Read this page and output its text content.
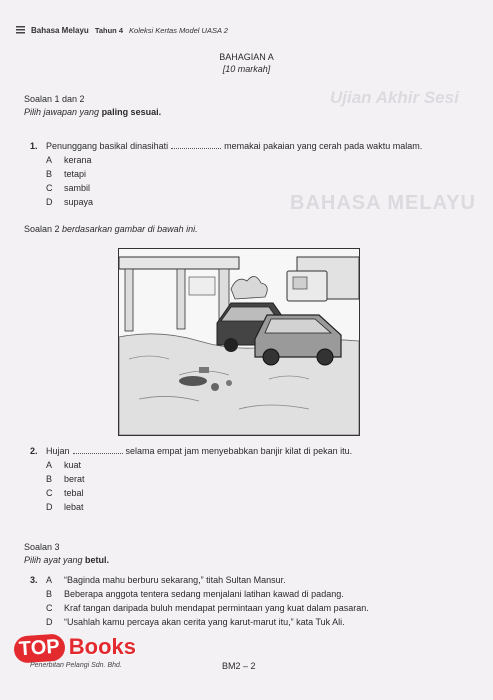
Bahasa Melayu Tahun 4 Koleksi Kertas Model UASA 2
Ujian Akhir Sesi
BAHASA MELAYU
BAHAGIAN A
[10 markah]
Soalan 1 dan 2
Pilih jawapan yang paling sesuai.
1. Penunggang basikal dinasihati	memakai pakaian yang cerah pada waktu malam.
A kerana
B tetapi
C sambil
D supaya
Soalan 2 berdasarkan gambar di bawah ini.
2. Hujan	selama empat jam menyebabkan banjir kilat di pekan itu.
A kuat
B berat
C tebal
D lebat
Soalan 3
Pilih ayat yang betul.
3. A “Baginda mahu berburu sekarang,” titah Sultan Mansur.
B Beberapa anggota tentera sedang menjalani latihan kawad di padang.
C Kraf tangan daripada buluh mendapat permintaan yang kuat dalam pasaran.
D “Usahlah kamu percaya akan cerita yang karut-marut itu,” kata Tuk Ali.
TOP Books
Penerbitan Pelangi Sdn. Bhd.	BM2 – 2
